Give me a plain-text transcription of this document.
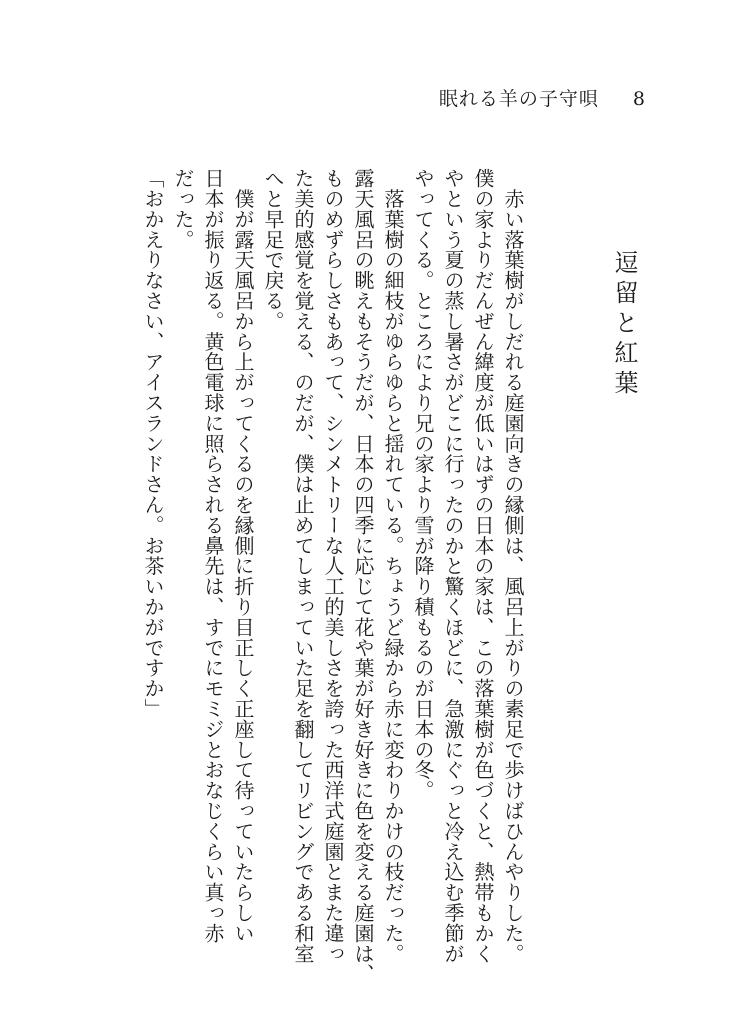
眠れる羊の子守唄 8
逗留と紅葉

　赤い落葉樹がしだれる庭園向きの縁側は、風呂上がりの素足で歩けばひんやりした。

僕の家よりだんぜん緯度が低いはずの日本の家は、この落葉樹が色づくと、熱帯もかく

やという夏の蒸し暑さがどこに行ったのかと驚くほどに、急激にぐっと冷え込む季節が

やってくる。ところにより兄の家より雪が降り積もるのが日本の冬。

　落葉樹の細枝がゆらゆらと揺れている。ちょうど緑から赤に変わりかけの枝だった。

露天風呂の眺えもそうだが、日本の四季に応じて花や葉が好き好きに色を変える庭園は、

ものめずらしさもあって、シンメトリーな人工的美しさを誇った西洋式庭園とまた違っ

た美的感覚を覚える、のだが、僕は止めてしまっていた足を翻してリビングである和室

へと早足で戻る。

　僕が露天風呂から上がってくるのを縁側に折り目正しく正座して待っていたらしい

日本が振り返る。黄色電球に照らされる鼻先は、すでにモミジとおなじくらい真っ赤

だった。

「おかえりなさい、アイスランドさん。お茶いかがですか」
